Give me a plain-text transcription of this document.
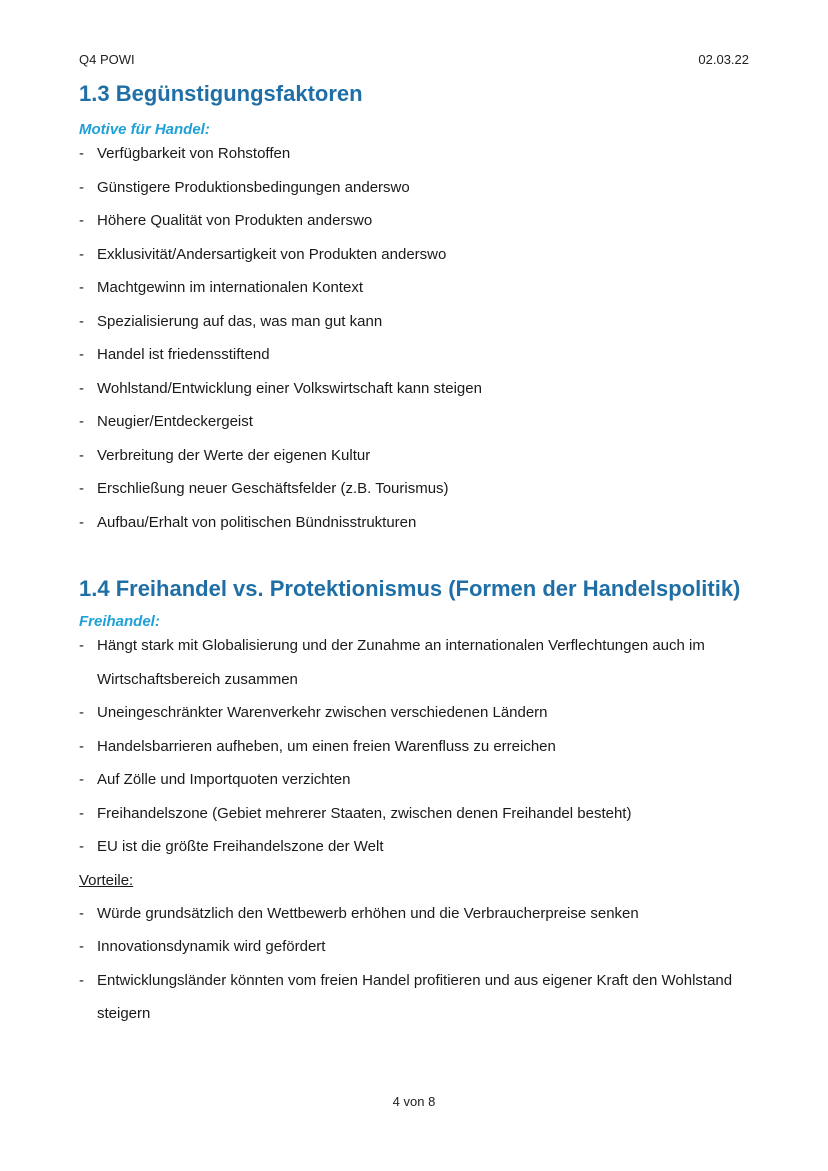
Q4 POWI	02.03.22
1.3 Begünstigungsfaktoren
Motive für Handel:
- Verfügbarkeit von Rohstoffen
- Günstigere Produktionsbedingungen anderswo
- Höhere Qualität von Produkten anderswo
- Exklusivität/Andersartigkeit von Produkten anderswo
- Machtgewinn im internationalen Kontext
- Spezialisierung auf das, was man gut kann
- Handel ist friedensstiftend
- Wohlstand/Entwicklung einer Volkswirtschaft kann steigen
- Neugier/Entdeckergeist
- Verbreitung der Werte der eigenen Kultur
- Erschließung neuer Geschäftsfelder (z.B. Tourismus)
- Aufbau/Erhalt von politischen Bündnisstrukturen
1.4 Freihandel vs. Protektionismus (Formen der Handelspolitik)
Freihandel:
- Hängt stark mit Globalisierung und der Zunahme an internationalen Verflechtungen auch im Wirtschaftsbereich zusammen
- Uneingeschränkter Warenverkehr zwischen verschiedenen Ländern
- Handelsbarrieren aufheben, um einen freien Warenfluss zu erreichen
- Auf Zölle und Importquoten verzichten
- Freihandelszone (Gebiet mehrerer Staaten, zwischen denen Freihandel besteht)
- EU ist die größte Freihandelszone der Welt
Vorteile:
- Würde grundsätzlich den Wettbewerb erhöhen und die Verbraucherpreise senken
- Innovationsdynamik wird gefördert
- Entwicklungsländer könnten vom freien Handel profitieren und aus eigener Kraft den Wohlstand steigern
4 von 8
